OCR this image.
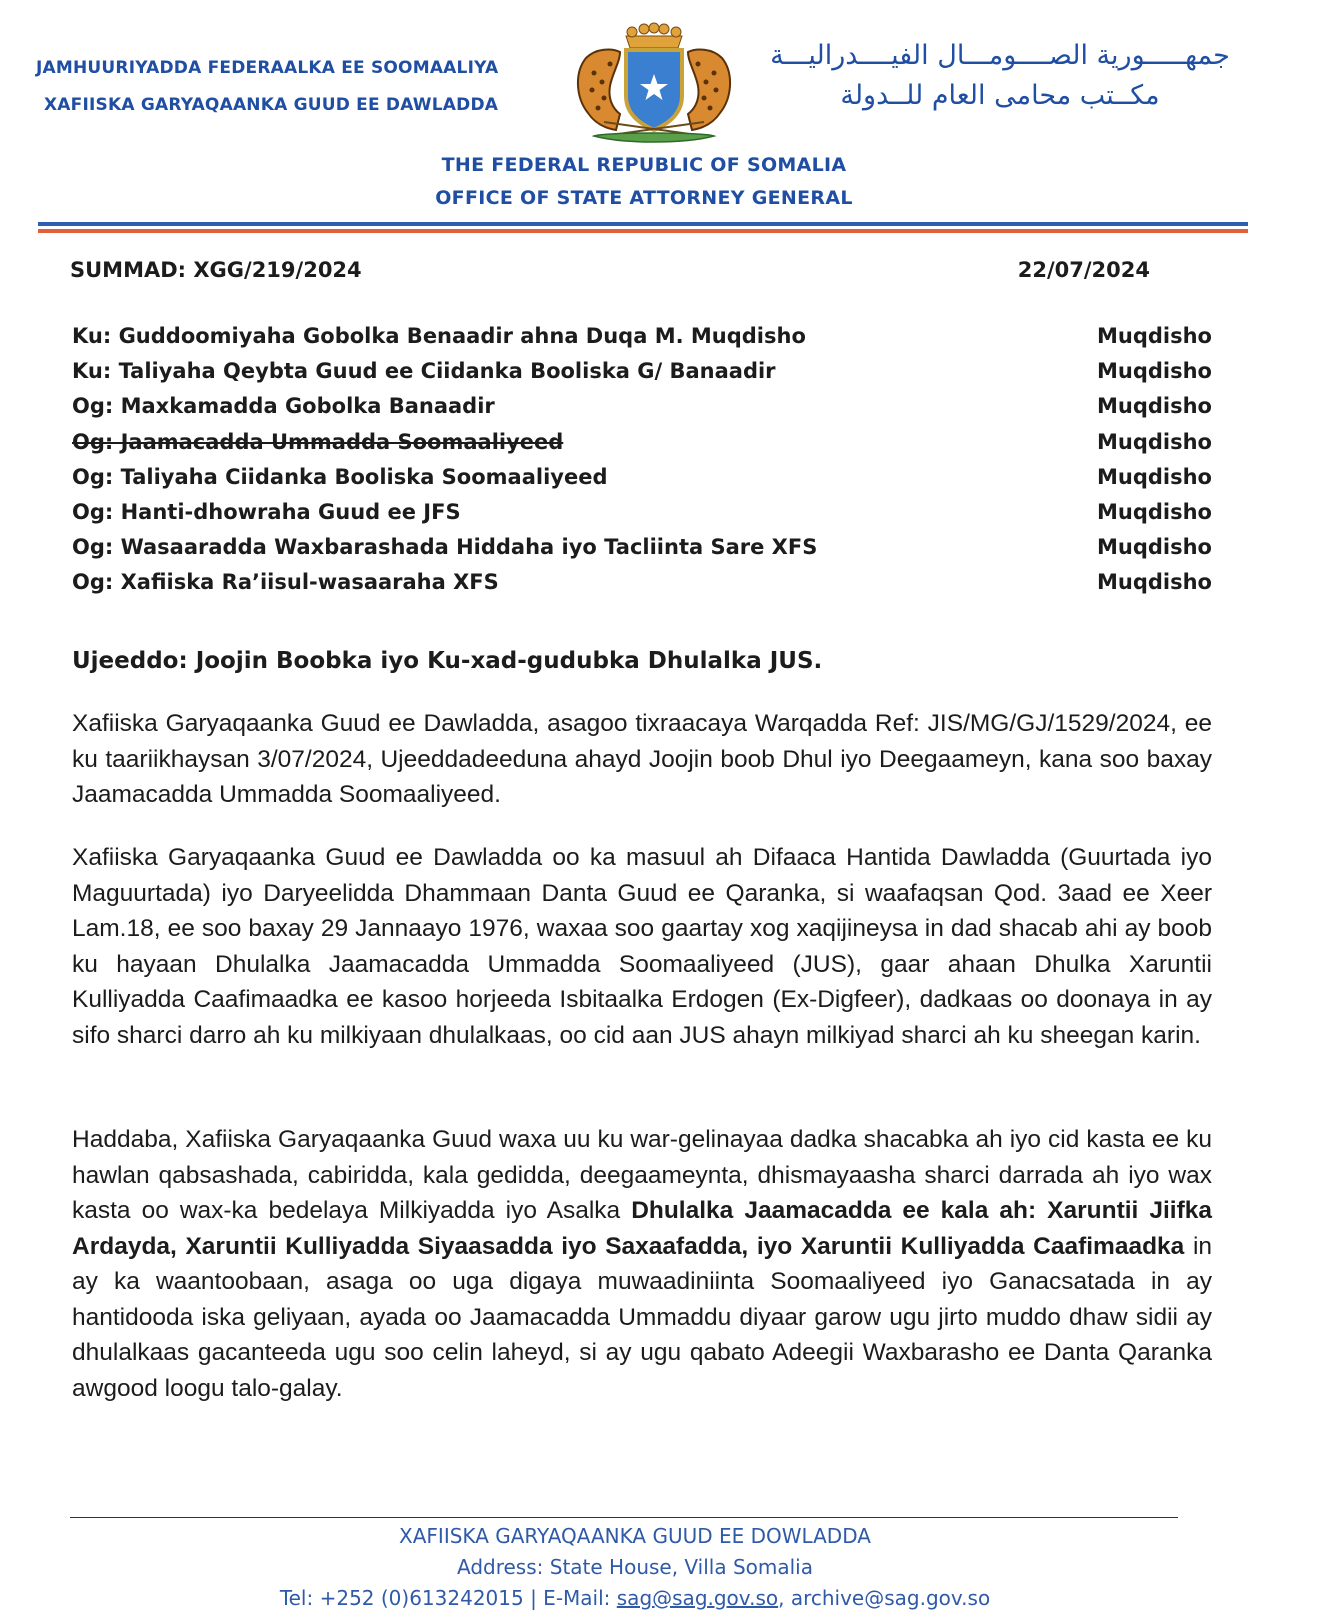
JAMHUURIYADDA FEDERAALKA EE SOOMAALIYA
XAFIISKA GARYAQAANKA GUUD EE DAWLADDA
جمهـــــورية الصــــومـــال الفيــــدراليـــة
مكــتب محامى العام للــدولة
THE FEDERAL REPUBLIC OF SOMALIA
OFFICE OF STATE ATTORNEY GENERAL
SUMMAD: XGG/219/2024	22/07/2024
Ku: Guddoomiyaha Gobolka Benaadir ahna Duqa M. Muqdisho	Muqdisho
Ku: Taliyaha Qeybta Guud ee Ciidanka Booliska G/ Banaadir	Muqdisho
Og: Maxkamadda Gobolka Banaadir	Muqdisho
Og: Jaamacadda Ummadda Soomaaliyeed	Muqdisho
Og: Taliyaha Ciidanka Booliska Soomaaliyeed	Muqdisho
Og: Hanti-dhowraha Guud ee JFS	Muqdisho
Og: Wasaaradda Waxbarashada Hiddaha iyo Tacliinta Sare XFS	Muqdisho
Og: Xafiiska Ra’iisul-wasaaraha XFS	Muqdisho
Ujeeddo: Joojin Boobka iyo Ku-xad-gudubka Dhulalka JUS.
Xafiiska Garyaqaanka Guud ee Dawladda, asagoo tixraacaya Warqadda Ref: JIS/MG/GJ/1529/2024, ee ku taariikhaysan 3/07/2024, Ujeeddadeeduna ahayd Joojin boob Dhul iyo Deegaameyn, kana soo baxay Jaamacadda Ummadda Soomaaliyeed.
Xafiiska Garyaqaanka Guud ee Dawladda oo ka masuul ah Difaaca Hantida Dawladda (Guurtada iyo Maguurtada) iyo Daryeelidda Dhammaan Danta Guud ee Qaranka, si waafaqsan Qod. 3aad ee Xeer Lam.18, ee soo baxay 29 Jannaayo 1976, waxaa soo gaartay xog xaqijineysa in dad shacab ahi ay boob ku hayaan Dhulalka Jaamacadda Ummadda Soomaaliyeed (JUS), gaar ahaan Dhulka Xaruntii Kulliyadda Caafimaadka ee kasoo horjeeda Isbitaalka Erdogen (Ex-Digfeer), dadkaas oo doonaya in ay sifo sharci darro ah ku milkiyaan dhulalkaas, oo cid aan JUS ahayn milkiyad sharci ah ku sheegan karin.
Haddaba, Xafiiska Garyaqaanka Guud waxa uu ku war-gelinayaa dadka shacabka ah iyo cid kasta ee ku hawlan qabsashada, cabiridda, kala gedidda, deegaameynta, dhismayaasha sharci darrada ah iyo wax kasta oo wax-ka bedelaya Milkiyadda iyo Asalka Dhulalka Jaamacadda ee kala ah: Xaruntii Jiifka Ardayda, Xaruntii Kulliyadda Siyaasadda iyo Saxaafadda, iyo Xaruntii Kulliyadda Caafimaadka in ay ka waantoobaan, asaga oo uga digaya muwaadiniinta Soomaaliyeed iyo Ganacsatada in ay hantidooda iska geliyaan, ayada oo Jaamacadda Ummaddu diyaar garow ugu jirto muddo dhaw sidii ay dhulalkaas gacanteeda ugu soo celin laheyd, si ay ugu qabato Adeegii Waxbarasho ee Danta Qaranka awgood loogu talo-galay.
XAFIISKA GARYAQAANKA GUUD EE DOWLADDA
Address: State House, Villa Somalia
Tel: +252 (0)613242015 | E-Mail: sag@sag.gov.so, archive@sag.gov.so
